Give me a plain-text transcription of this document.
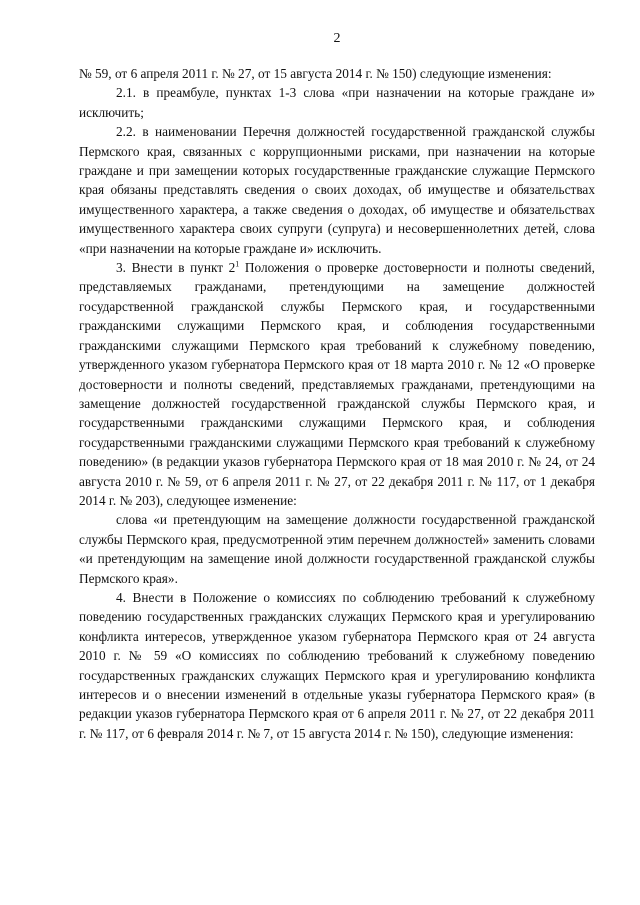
2

№ 59, от 6 апреля 2011 г. № 27, от 15 августа 2014 г. № 150) следующие изменения:

2.1. в преамбуле, пунктах 1-3 слова «при назначении на которые граждане и» исключить;

2.2. в наименовании Перечня должностей государственной гражданской службы Пермского края, связанных с коррупционными рисками, при назначении на которые граждане и при замещении которых государственные гражданские служащие Пермского края обязаны представлять сведения о своих доходах, об имуществе и обязательствах имущественного характера, а также сведения о доходах, об имуществе и обязательствах имущественного характера своих супруги (супруга) и несовершеннолетних детей, слова «при назначении на которые граждане и» исключить.

3. Внести в пункт $2^1$ Положения о проверке достоверности и полноты сведений, представляемых гражданами, претендующими на замещение должностей государственной гражданской службы Пермского края, и государственными гражданскими служащими Пермского края, и соблюдения государственными гражданскими служащими Пермского края требований к служебному поведению, утвержденного указом губернатора Пермского края от 18 марта 2010 г. № 12 «О проверке достоверности и полноты сведений, представляемых гражданами, претендующими на замещение должностей государственной гражданской службы Пермского края, и государственными гражданскими служащими Пермского края, и соблюдения государственными гражданскими служащими Пермского края требований к служебному поведению» (в редакции указов губернатора Пермского края от 18 мая 2010 г. № 24, от 24 августа 2010 г. № 59, от 6 апреля 2011 г. № 27, от 22 декабря 2011 г. № 117, от 1 декабря 2014 г. № 203), следующее изменение:

слова «и претендующим на замещение должности государственной гражданской службы Пермского края, предусмотренной этим перечнем должностей» заменить словами «и претендующим на замещение иной должности государственной гражданской службы Пермского края».

4. Внести в Положение о комиссиях по соблюдению требований к служебному поведению государственных гражданских служащих Пермского края и урегулированию конфликта интересов, утвержденное указом губернатора Пермского края от 24 августа 2010 г. № 59 «О комиссиях по соблюдению требований к служебному поведению государственных гражданских служащих Пермского края и урегулированию конфликта интересов и о внесении изменений в отдельные указы губернатора Пермского края» (в редакции указов губернатора Пермского края от 6 апреля 2011 г. № 27, от 22 декабря 2011 г. № 117, от 6 февраля 2014 г. № 7, от 15 августа 2014 г. № 150), следующие изменения:
